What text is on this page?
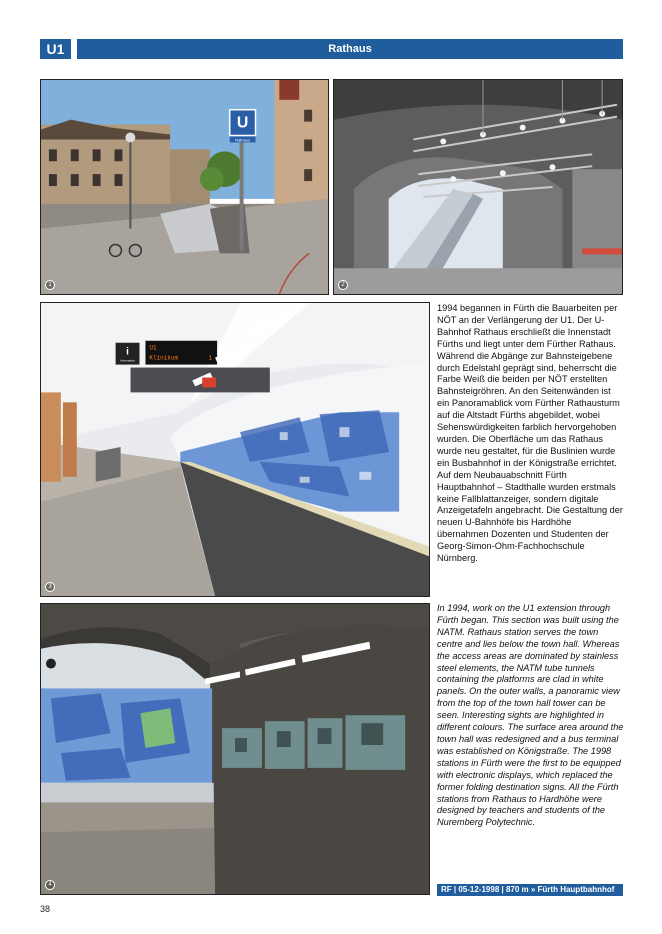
U1	Rathaus
U
Rathaus
1	2
i
Information
U1
Klinikum	1
3
4

1994 begannen in Fürth die Bauarbeiten per NÖT an der Verlängerung der U1. Der U-Bahnhof Rathaus erschließt die Innenstadt Fürths und liegt unter dem Fürther Rathaus. Während die Abgänge zur Bahnsteigebene durch Edelstahl geprägt sind, beherrscht die Farbe Weiß die beiden per NÖT erstellten Bahnsteigröhren. An den Seitenwänden ist ein Panoramablick vom Fürther Rathausturm auf die Altstadt Fürths abgebildet, wobei Sehenswürdigkeiten farblich hervorgehoben wurden. Die Oberfläche um das Rathaus wurde neu gestaltet, für die Buslinien wurde ein Busbahnhof in der Königstraße errichtet. Auf dem Neubauabschnitt Fürth Hauptbahnhof – Stadthalle wurden erstmals keine Fallblattanzeiger, sondern digitale Anzeigetafeln angebracht. Die Gestaltung der neuen U-Bahnhöfe bis Hardhöhe übernahmen Dozenten und Studenten der Georg-Simon-Ohm-Fachhochschule Nürnberg.

In 1994, work on the U1 extension through Fürth began. This section was built using the NATM. Rathaus station serves the town centre and lies below the town hall. Whereas the access areas are dominated by stainless steel elements, the NATM tube tunnels containing the platforms are clad in white panels. On the outer walls, a panoramic view from the top of the town hall tower can be seen. Interesting sights are highlighted in different colours. The surface area around the town hall was redesigned and a bus terminal was established on Königstraße. The 1998 stations in Fürth were the first to be equipped with electronic displays, which replaced the former folding destination signs. All the Fürth stations from Rathaus to Hardhöhe were designed by teachers and students of the Nuremberg Polytechnic.

RF | 05-12-1998 | 870 m » Fürth Hauptbahnhof
38
